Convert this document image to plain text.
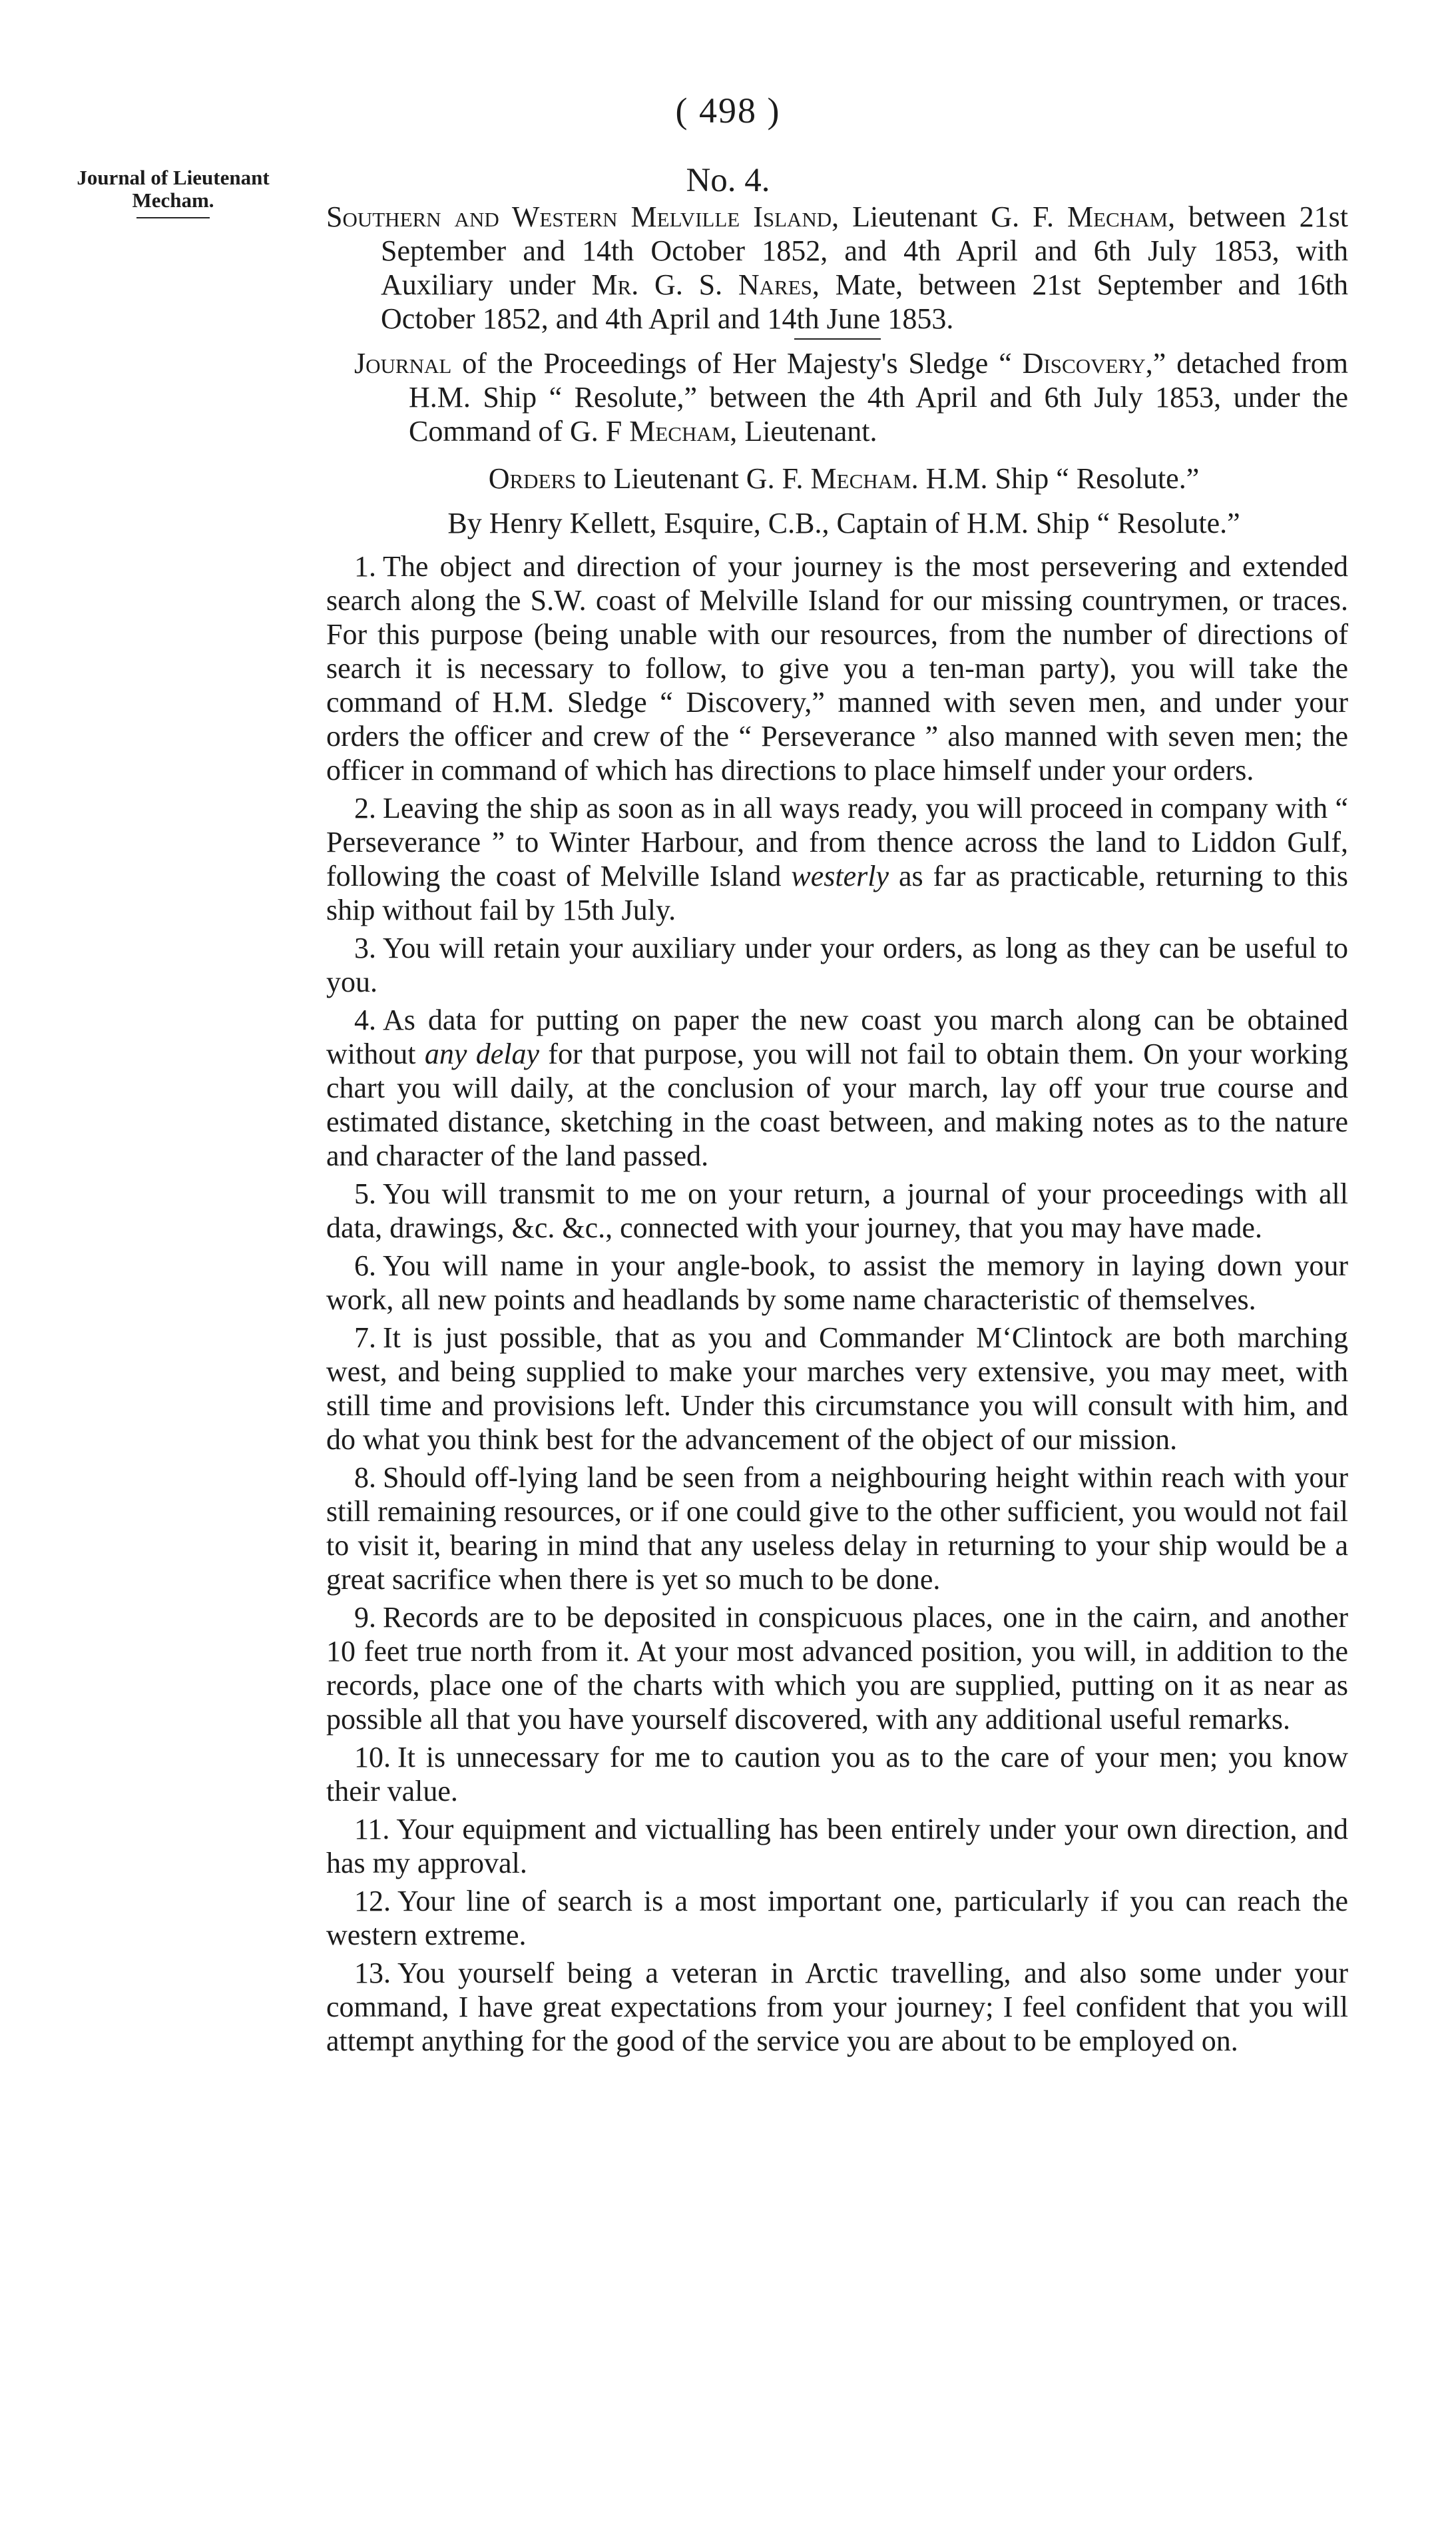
( 498 )
Journal of Lieutenant Mecham.
No. 4.

Southern and Western Melville Island, Lieutenant G. F. Mecham, between 21st September and 14th October 1852, and 4th April and 6th July 1853, with Auxiliary under Mr. G. S. Nares, Mate, between 21st September and 16th October 1852, and 4th April and 14th June 1853.

Journal of the Proceedings of Her Majesty's Sledge “ Discovery,” detached from H.M. Ship “ Resolute,” between the 4th April and 6th July 1853, under the Command of G. F Mecham, Lieutenant.

Orders to Lieutenant G. F. Mecham. H.M. Ship “ Resolute.”

By Henry Kellett, Esquire, C.B., Captain of H.M. Ship “ Resolute.”

1. The object and direction of your journey is the most persevering and extended search along the S.W. coast of Melville Island for our missing countrymen, or traces. For this purpose (being unable with our resources, from the number of directions of search it is necessary to follow, to give you a ten-man party), you will take the command of H.M. Sledge “ Discovery,” manned with seven men, and under your orders the officer and crew of the “ Perseverance ” also manned with seven men; the officer in command of which has directions to place himself under your orders.

2. Leaving the ship as soon as in all ways ready, you will proceed in company with “ Perseverance ” to Winter Harbour, and from thence across the land to Liddon Gulf, following the coast of Melville Island westerly as far as practicable, returning to this ship without fail by 15th July.

3. You will retain your auxiliary under your orders, as long as they can be useful to you.

4. As data for putting on paper the new coast you march along can be obtained without any delay for that purpose, you will not fail to obtain them. On your working chart you will daily, at the conclusion of your march, lay off your true course and estimated distance, sketching in the coast between, and making notes as to the nature and character of the land passed.

5. You will transmit to me on your return, a journal of your proceedings with all data, drawings, &c. &c., connected with your journey, that you may have made.

6. You will name in your angle-book, to assist the memory in laying down your work, all new points and headlands by some name characteristic of themselves.

7. It is just possible, that as you and Commander M‘Clintock are both marching west, and being supplied to make your marches very extensive, you may meet, with still time and provisions left. Under this circumstance you will consult with him, and do what you think best for the advancement of the object of our mission.

8. Should off-lying land be seen from a neighbouring height within reach with your still remaining resources, or if one could give to the other sufficient, you would not fail to visit it, bearing in mind that any useless delay in returning to your ship would be a great sacrifice when there is yet so much to be done.

9. Records are to be deposited in conspicuous places, one in the cairn, and another 10 feet true north from it. At your most advanced position, you will, in addition to the records, place one of the charts with which you are supplied, putting on it as near as possible all that you have yourself discovered, with any additional useful remarks.

10. It is unnecessary for me to caution you as to the care of your men; you know their value.

11. Your equipment and victualling has been entirely under your own direction, and has my approval.

12. Your line of search is a most important one, particularly if you can reach the western extreme.

13. You yourself being a veteran in Arctic travelling, and also some under your command, I have great expectations from your journey; I feel confident that you will attempt anything for the good of the service you are about to be employed on.
